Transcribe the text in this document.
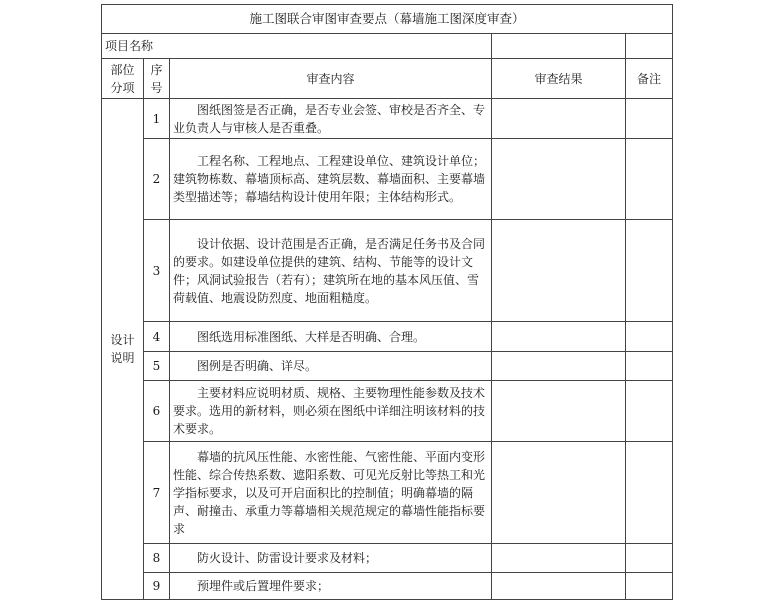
施工图联合审图审查要点（幕墙施工图深度审查）				
项目名称				
部位分项	序号	审查内容	审查结果	备注
设计说明	1	图纸图签是否正确，是否专业会签、审校是否齐全、专业负责人与审核人是否重叠。		
	2	工程名称、工程地点、工程建设单位、建筑设计单位；建筑物栋数、幕墙顶标高、建筑层数、幕墙面积、主要幕墙类型描述等；幕墙结构设计使用年限；主体结构形式。		
	3	设计依据、设计范围是否正确，是否满足任务书及合同的要求。如建设单位提供的建筑、结构、节能等的设计文件；风洞试验报告（若有）；建筑所在地的基本风压值、雪荷载值、地震设防烈度、地面粗糙度。		
	4	图纸选用标准图纸、大样是否明确、合理。		
	5	图例是否明确、详尽。		
	6	主要材料应说明材质、规格、主要物理性能参数及技术要求。选用的新材料，则必须在图纸中详细注明该材料的技术要求。		
	7	幕墙的抗风压性能、水密性能、气密性能、平面内变形性能、综合传热系数、遮阳系数、可见光反射比等热工和光学指标要求，以及可开启面积比的控制值；明确幕墙的隔声、耐撞击、承重力等幕墙相关规范规定的幕墙性能指标要求		
	8	防火设计、防雷设计要求及材料；		
	9	预埋件或后置埋件要求；		
